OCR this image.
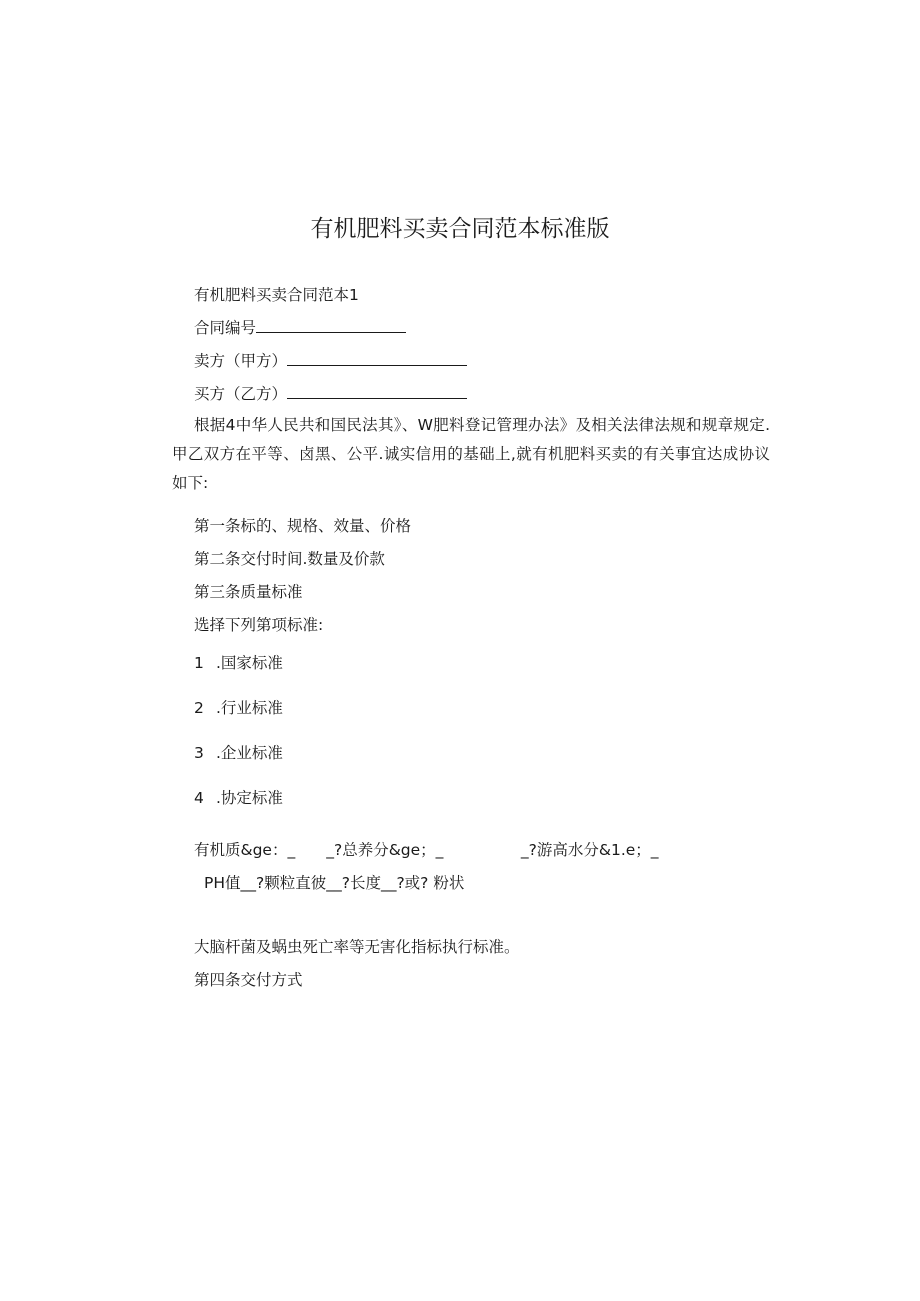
有机肥料买卖合同范本标准版
有机肥料买卖合同范本1
合同编号
卖方（甲方）
买方（乙方）
根据4中华人民共和国民法其》、W肥料登记管理办法》及相关法律法规和规章规定.甲乙双方在平等、卤黑、公平.诚实信用的基础上,就有机肥料买卖的有关事宜达成协议如下:
第一条标的、规格、效量、价格
第二条交付时间.数量及价款
第三条质量标准
选择下列第项标准:
1 .国家标准
2 .行业标准
3 .企业标准
4 .协定标准
有机质&ge：_　　_?总养分&ge；_　　　　　_?游高水分&1.e；_
PH值__?颗粒直彼__?长度__?或? 粉状
大脑杆菌及蜗虫死亡率等无害化指标执行标准。
第四条交付方式
